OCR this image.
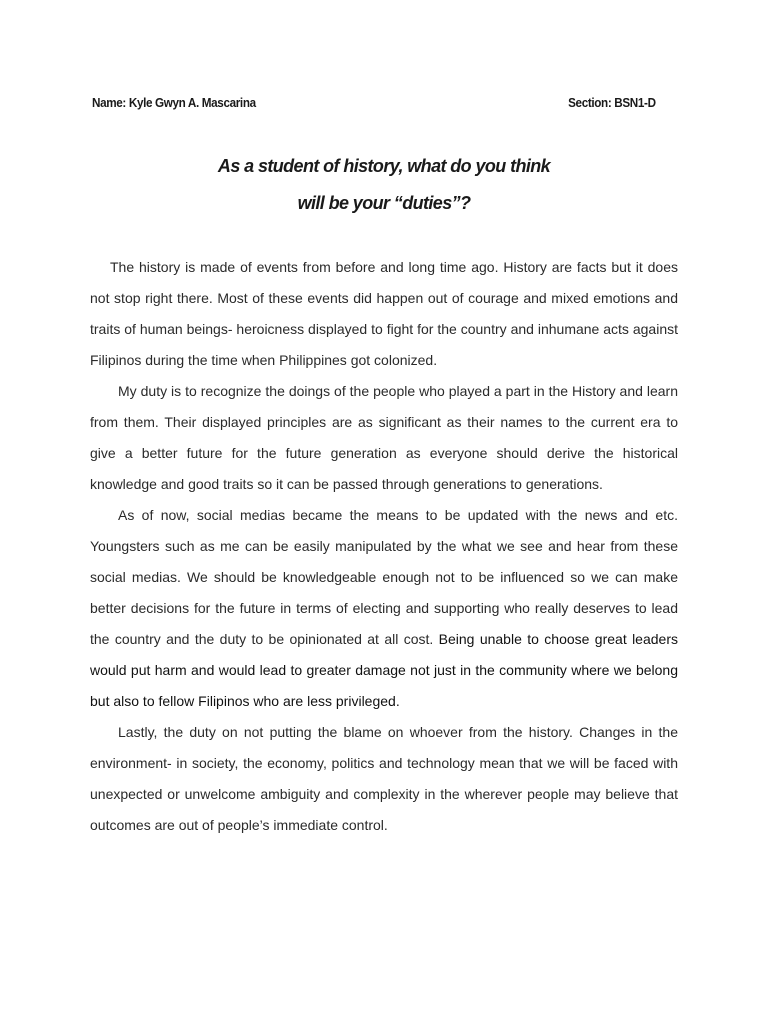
Name: Kyle Gwyn A. Mascarina	Section: BSN1-D
As a student of history, what do you think
will be your “duties”?

The history is made of events from before and long time ago. History are facts but it does not stop right there. Most of these events did happen out of courage and mixed emotions and traits of human beings- heroicness displayed to fight for the country and inhumane acts against Filipinos during the time when Philippines got colonized.

My duty is to recognize the doings of the people who played a part in the History and learn from them. Their displayed principles are as significant as their names to the current era to give a better future for the future generation as everyone should derive the historical knowledge and good traits so it can be passed through generations to generations.

As of now, social medias became the means to be updated with the news and etc. Youngsters such as me can be easily manipulated by the what we see and hear from these social medias. We should be knowledgeable enough not to be influenced so we can make better decisions for the future in terms of electing and supporting who really deserves to lead the country and the duty to be opinionated at all cost. Being unable to choose great leaders would put harm and would lead to greater damage not just in the community where we belong but also to fellow Filipinos who are less privileged.

Lastly, the duty on not putting the blame on whoever from the history. Changes in the environment- in society, the economy, politics and technology mean that we will be faced with unexpected or unwelcome ambiguity and complexity in the wherever people may believe that outcomes are out of people’s immediate control.
